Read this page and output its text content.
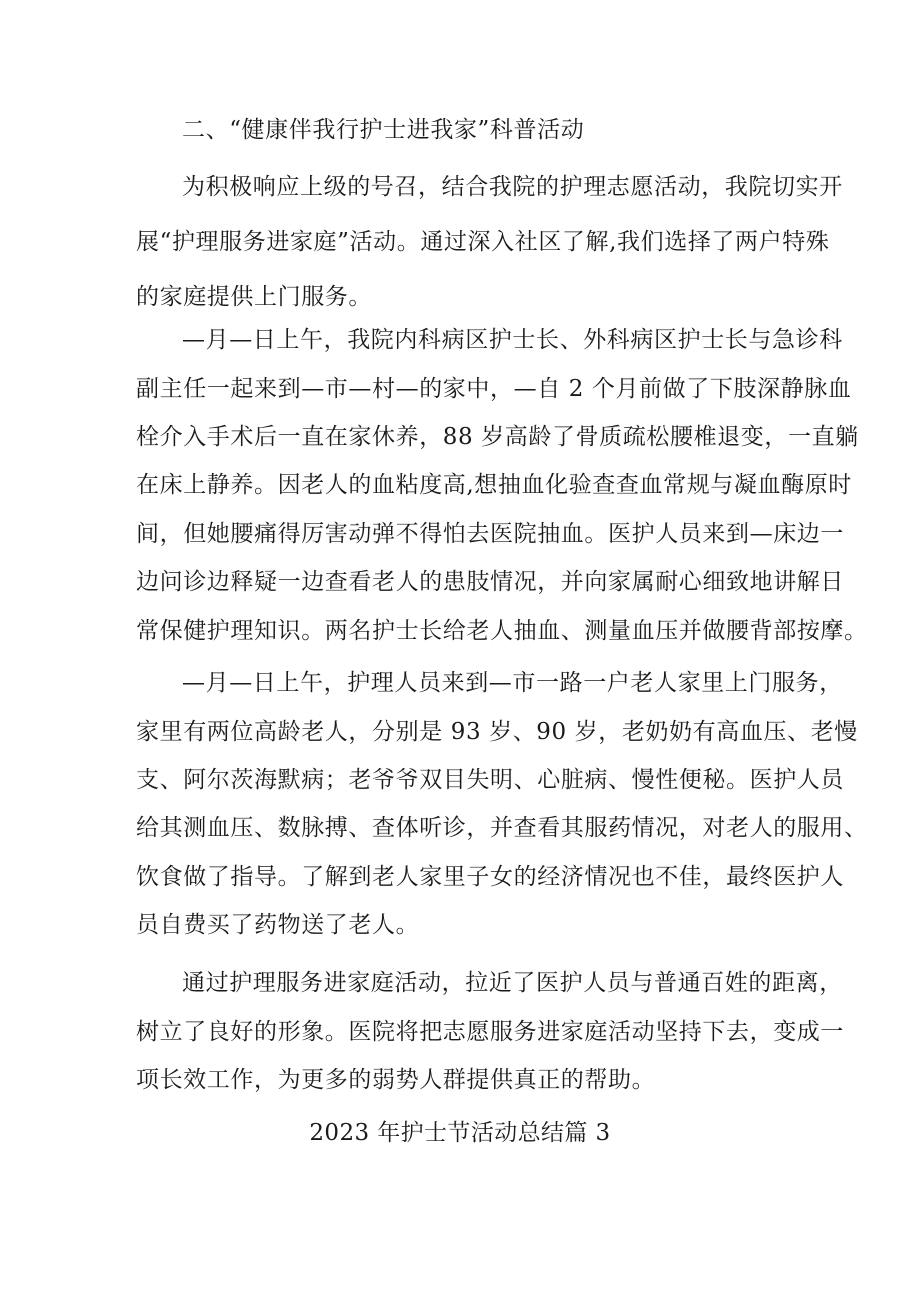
二、“健康伴我行护士进我家”科普活动
为积极响应上级的号召，结合我院的护理志愿活动，我院切实开
展“护理服务进家庭”活动。通过深入社区了解,我们选择了两户特殊
的家庭提供上门服务。
—月—日上午，我院内科病区护士长、外科病区护士长与急诊科
副主任一起来到—市—村—的家中，—自 2 个月前做了下肢深静脉血
栓介入手术后一直在家休养，88 岁高龄了骨质疏松腰椎退变，一直躺
在床上静养。因老人的血粘度高,想抽血化验查查血常规与凝血酶原时
间，但她腰痛得厉害动弹不得怕去医院抽血。医护人员来到—床边一
边问诊边释疑一边查看老人的患肢情况，并向家属耐心细致地讲解日
常保健护理知识。两名护士长给老人抽血、测量血压并做腰背部按摩。
—月—日上午，护理人员来到—市一路一户老人家里上门服务，
家里有两位高龄老人，分别是 93 岁、90 岁，老奶奶有高血压、老慢
支、阿尔茨海默病；老爷爷双目失明、心脏病、慢性便秘。医护人员
给其测血压、数脉搏、查体听诊，并查看其服药情况，对老人的服用、
饮食做了指导。了解到老人家里子女的经济情况也不佳，最终医护人
员自费买了药物送了老人。
通过护理服务进家庭活动，拉近了医护人员与普通百姓的距离，
树立了良好的形象。医院将把志愿服务进家庭活动坚持下去，变成一
项长效工作，为更多的弱势人群提供真正的帮助。
2023 年护士节活动总结篇 3
